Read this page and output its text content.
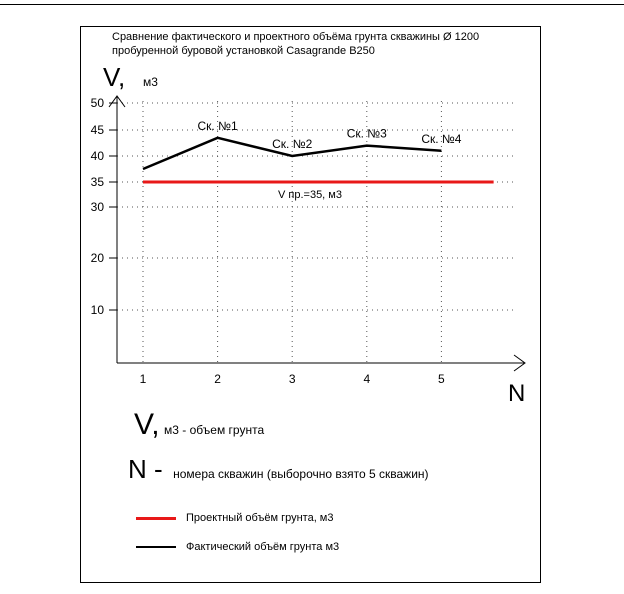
Сравнение фактического и проектного объёма грунта скважины Ø 1200
пробуренной буровой установкой Casagrande B250
50
45
40
35
30
20
10
1	2	3	4	5
Ск. №1
Ск. №2
Ск. №3	Ск. №4
V пр.=35, м3
V, м3
N
V, м3 - объем грунта
N - номера скважин (выборочно взято 5 скважин)
Проектный объём грунта, м3
Фактический объём грунта м3
